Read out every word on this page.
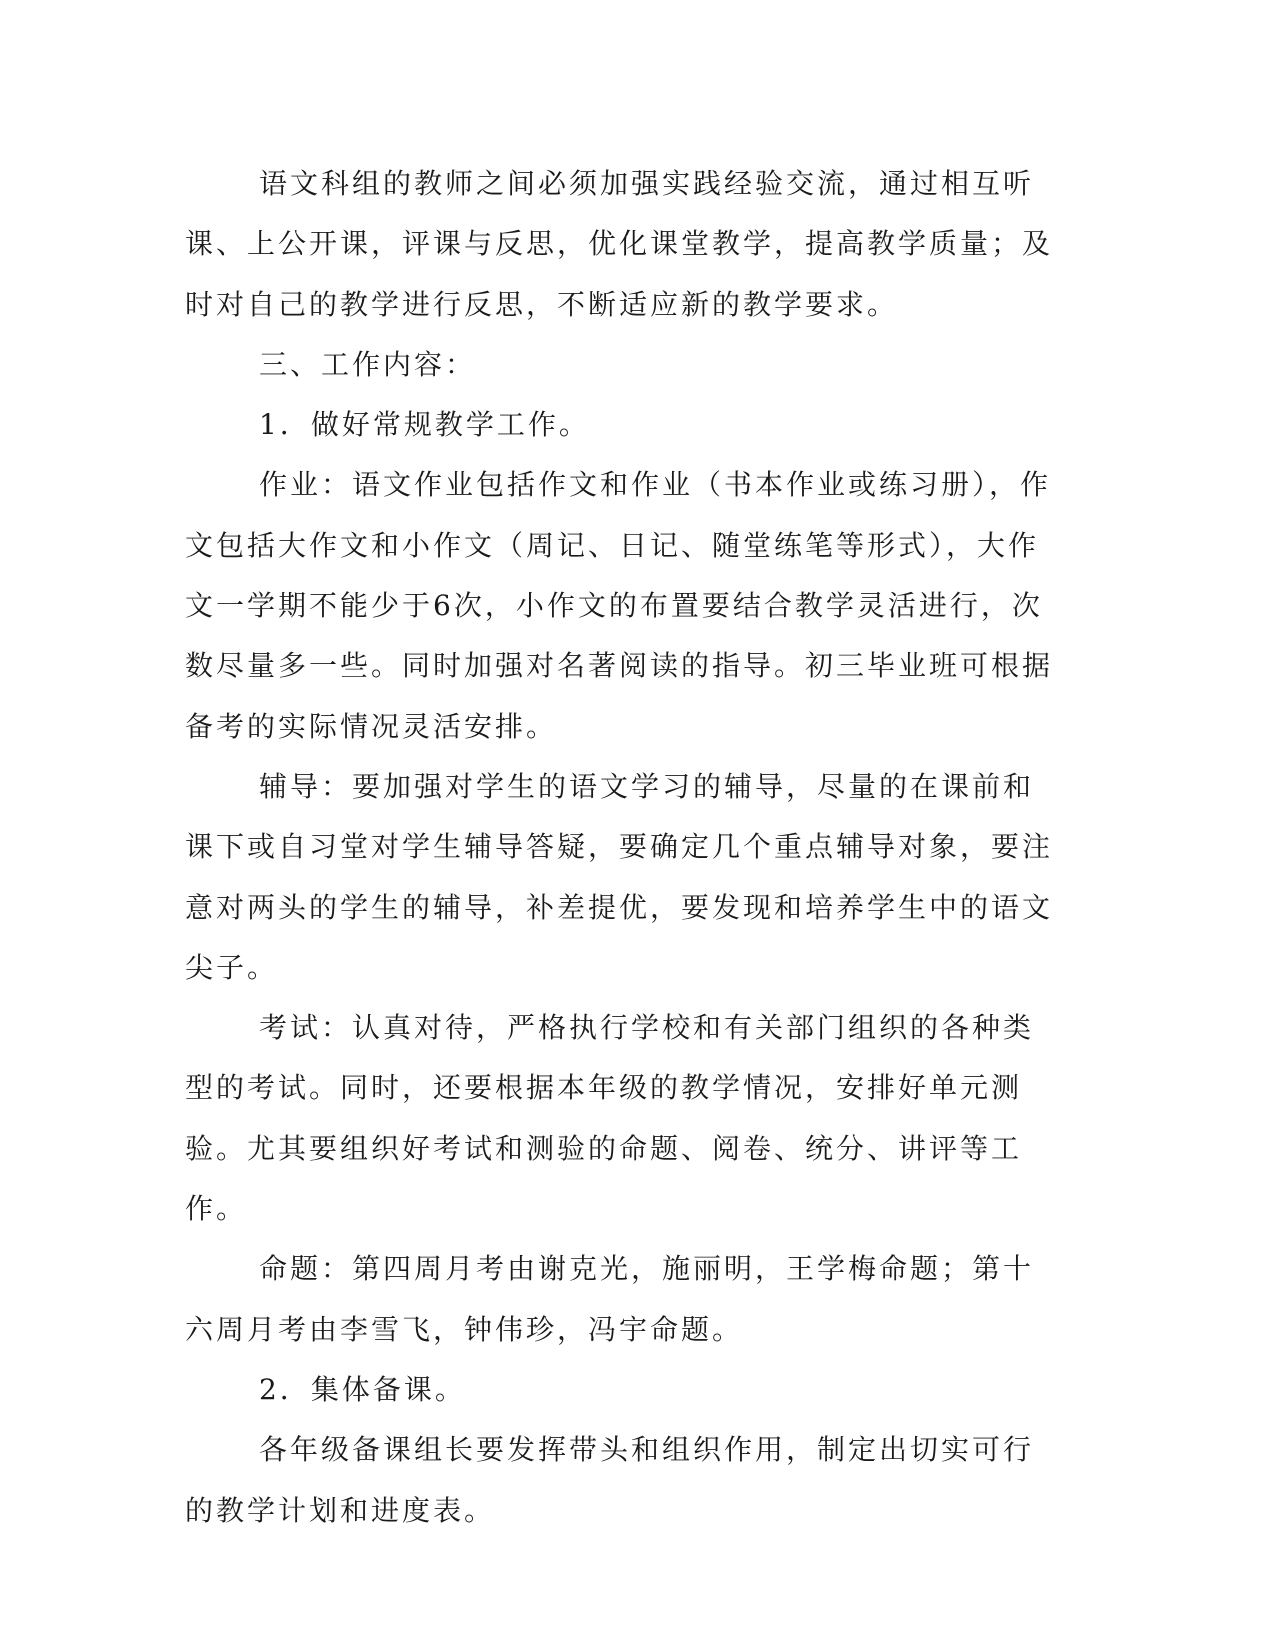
语文科组的教师之间必须加强实践经验交流，通过相互听课、上公开课，评课与反思，优化课堂教学，提高教学质量；及时对自己的教学进行反思，不断适应新的教学要求。

三、工作内容：

1．做好常规教学工作。

作业：语文作业包括作文和作业（书本作业或练习册），作文包括大作文和小作文（周记、日记、随堂练笔等形式），大作文一学期不能少于6次，小作文的布置要结合教学灵活进行，次数尽量多一些。同时加强对名著阅读的指导。初三毕业班可根据备考的实际情况灵活安排。

辅导：要加强对学生的语文学习的辅导，尽量的在课前和课下或自习堂对学生辅导答疑，要确定几个重点辅导对象，要注意对两头的学生的辅导，补差提优，要发现和培养学生中的语文尖子。

考试：认真对待，严格执行学校和有关部门组织的各种类型的考试。同时，还要根据本年级的教学情况，安排好单元测验。尤其要组织好考试和测验的命题、阅卷、统分、讲评等工作。

命题：第四周月考由谢克光，施丽明，王学梅命题；第十六周月考由李雪飞，钟伟珍，冯宇命题。

2．集体备课。

各年级备课组长要发挥带头和组织作用，制定出切实可行的教学计划和进度表。
